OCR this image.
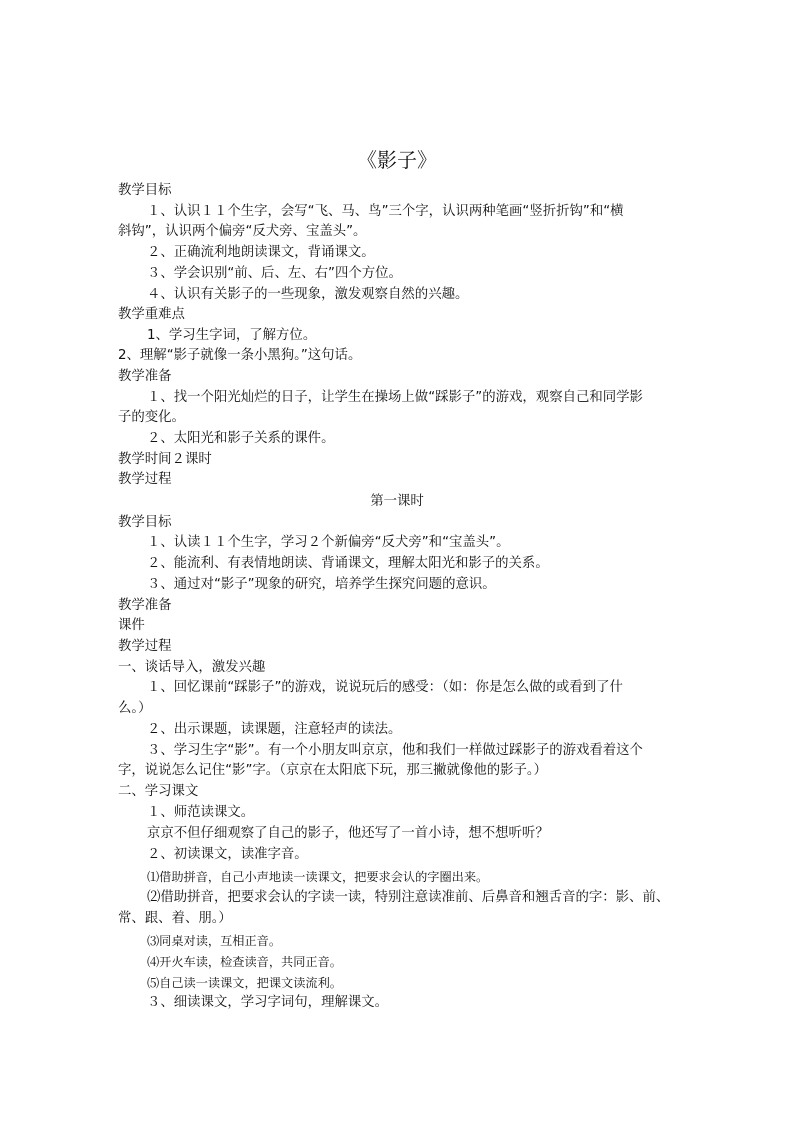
《影子》
教学目标
１、认识１１个生字，会写“飞、马、鸟”三个字，认识两种笔画“竖折折钩”和“横
斜钩”，认识两个偏旁“反犬旁、宝盖头”。
２、正确流利地朗读课文，背诵课文。
３、学会识别“前、后、左、右”四个方位。
４、认识有关影子的一些现象，激发观察自然的兴趣。
教学重难点
1、学习生字词，了解方位。
2、理解“影子就像一条小黑狗。”这句话。
教学准备
１、找一个阳光灿烂的日子，让学生在操场上做“踩影子”的游戏，观察自己和同学影
子的变化。
２、太阳光和影子关系的课件。
教学时间２课时
教学过程
第一课时
教学目标
１、认读１１个生字，学习２个新偏旁“反犬旁”和“宝盖头”。
２、能流利、有表情地朗读、背诵课文，理解太阳光和影子的关系。
３、通过对“影子”现象的研究，培养学生探究问题的意识。
教学准备
课件
教学过程
一、谈话导入，激发兴趣
１、回忆课前“踩影子”的游戏，说说玩后的感受：（如：你是怎么做的或看到了什
么。）
２、出示课题，读课题，注意轻声的读法。
３、学习生字“影”。有一个小朋友叫京京，他和我们一样做过踩影子的游戏看着这个
字，说说怎么记住“影”字。（京京在太阳底下玩，那三撇就像他的影子。）
二、学习课文
１、师范读课文。
京京不但仔细观察了自己的影子，他还写了一首小诗，想不想听听？
２、初读课文，读准字音。
⑴借助拼音，自己小声地读一读课文，把要求会认的字圈出来。
⑵借助拼音，把要求会认的字读一读，特别注意读准前、后鼻音和翘舌音的字：影、前、
常、跟、着、朋。）
⑶同桌对读，互相正音。
⑷开火车读，检查读音，共同正音。
⑸自己读一读课文，把课文读流利。
３、细读课文，学习字词句，理解课文。
